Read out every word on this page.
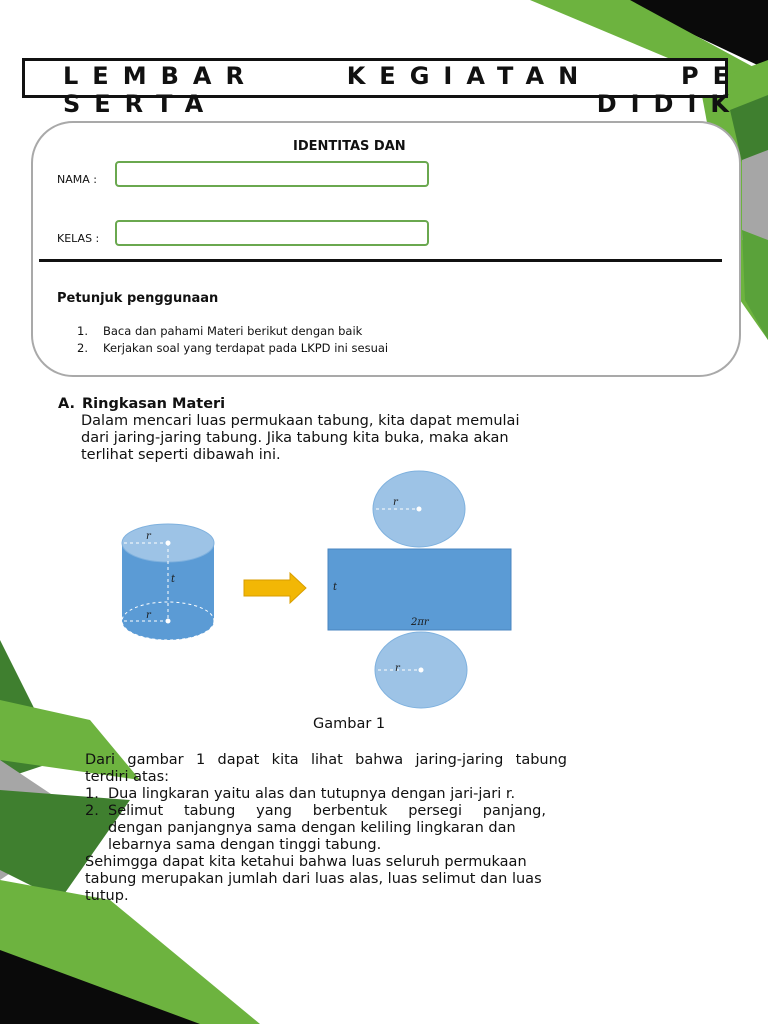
LEMBAR KEGIATAN PE SERTA DIDIK
IDENTITAS DAN
NAMA :
KELAS :
Petunjuk penggunaan
1. Baca dan pahami Materi berikut dengan baik
2. Kerjakan soal yang terdapat pada LKPD ini sesuai
A. Ringkasan Materi
Dalam mencari luas permukaan tabung, kita dapat memulai
dari jaring-jaring tabung. Jika tabung kita buka, maka akan
terlihat seperti dibawah ini.
r
t
r
r
t
2πr
r
Gambar 1
Dari gambar 1 dapat kita lihat bahwa jaring-jaring tabung
terdiri atas:
1. Dua lingkaran yaitu alas dan tutupnya dengan jari-jari r.
2. Selimut tabung yang berbentuk persegi panjang,
dengan panjangnya sama dengan keliling lingkaran dan
lebarnya sama dengan tinggi tabung.
Sehimgga dapat kita ketahui bahwa luas seluruh permukaan
tabung merupakan jumlah dari luas alas, luas selimut dan luas
tutup.
